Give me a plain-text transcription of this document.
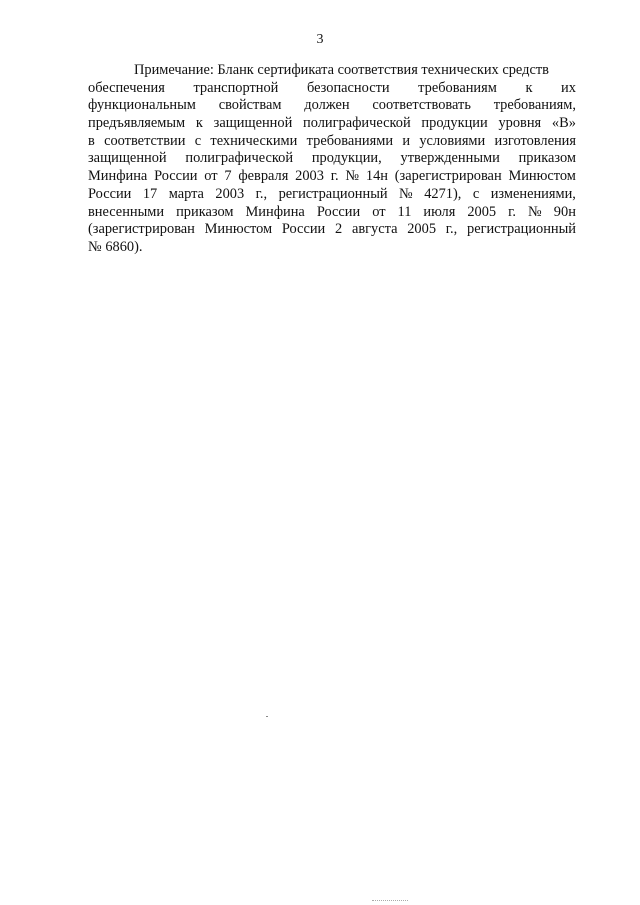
3
Примечание: Бланк сертификата соответствия технических средств
обеспечения транспортной безопасности требованиям к их
функциональным свойствам должен соответствовать требованиям,
предъявляемым к защищенной полиграфической продукции уровня «В»
в соответствии с техническими требованиями и условиями изготовления
защищенной полиграфической продукции, утвержденными приказом
Минфина России от 7 февраля 2003 г. № 14н (зарегистрирован Минюстом
России 17 марта 2003 г., регистрационный № 4271), с изменениями,
внесенными приказом Минфина России от 11 июля 2005 г. № 90н
(зарегистрирован Минюстом России 2 августа 2005 г., регистрационный
№ 6860).
